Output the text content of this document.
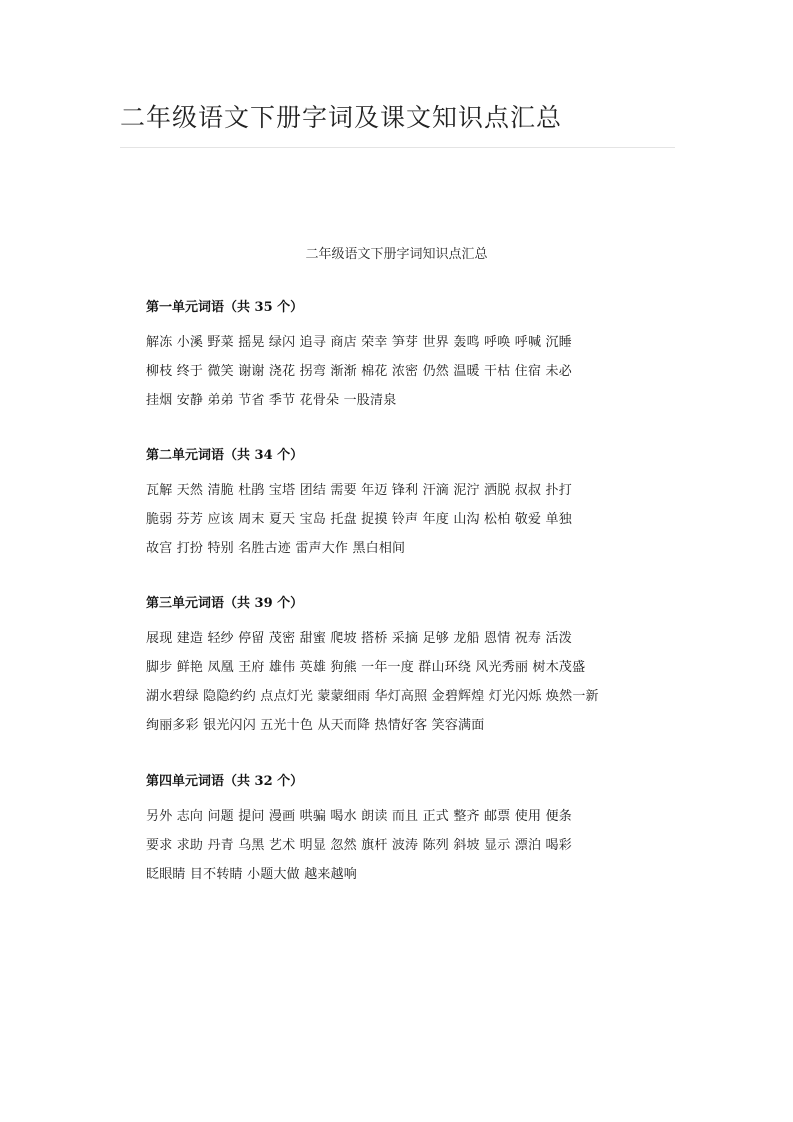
二年级语文下册字词及课文知识点汇总
二年级语文下册字词知识点汇总
第一单元词语（共 35 个）
解冻 小溪 野菜 摇晃 绿闪 追寻 商店 荣幸 笋芽 世界 轰鸣 呼唤 呼喊 沉睡
柳枝 终于 微笑 谢谢 浇花 拐弯 渐渐 棉花 浓密 仍然 温暖 干枯 住宿 未必
挂烟 安静 弟弟 节省 季节 花骨朵 一股清泉
第二单元词语（共 34 个）
瓦解 天然 清脆 杜鹃 宝塔 团结 需要 年迈 锋利 汗滴 泥泞 洒脱 叔叔 扑打
脆弱 芬芳 应该 周末 夏天 宝岛 托盘 捉摸 铃声 年度 山沟 松柏 敬爱 单独
故宫 打扮 特别 名胜古迹 雷声大作 黑白相间
第三单元词语（共 39 个）
展现 建造 轻纱 停留 茂密 甜蜜 爬坡 搭桥 采摘 足够 龙船 恩情 祝寿 活泼
脚步 鲜艳 凤凰 王府 雄伟 英雄 狗熊 一年一度 群山环绕 风光秀丽 树木茂盛
湖水碧绿 隐隐约约 点点灯光 蒙蒙细雨 华灯高照 金碧辉煌 灯光闪烁 焕然一新
绚丽多彩 银光闪闪 五光十色 从天而降 热情好客 笑容满面
第四单元词语（共 32 个）
另外 志向 问题 提问 漫画 哄骗 喝水 朗读 而且 正式 整齐 邮票 使用 便条
要求 求助 丹青 乌黑 艺术 明显 忽然 旗杆 波涛 陈列 斜坡 显示 漂泊 喝彩
眨眼睛 目不转睛 小题大做 越来越响
